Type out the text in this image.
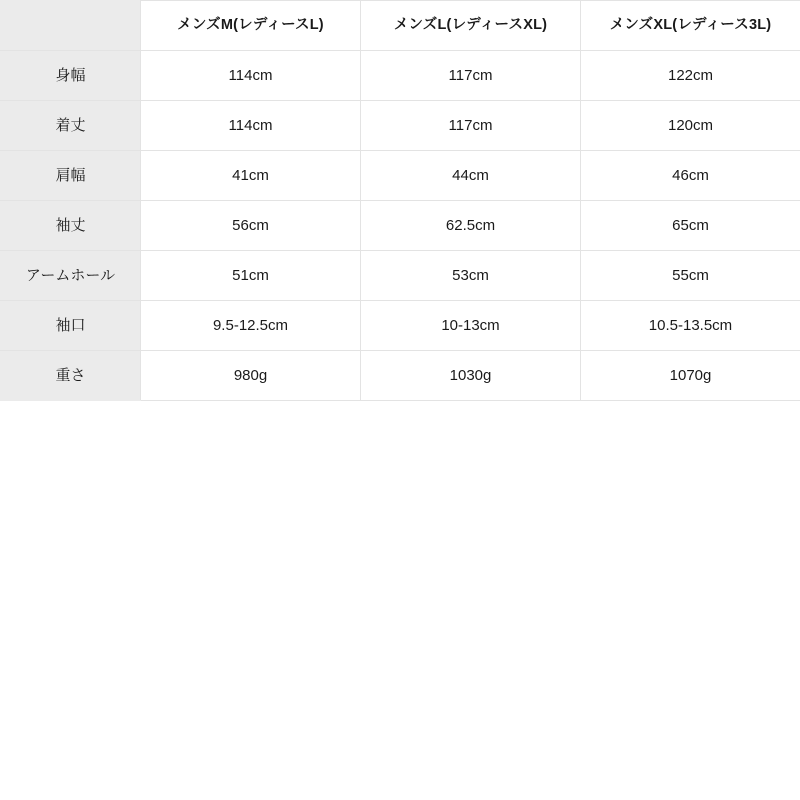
	メンズM(レディースL)	メンズL(レディースXL)	メンズXL(レディース3L)
身幅	114cm	117cm	122cm
着丈	114cm	117cm	120cm
肩幅	41cm	44cm	46cm
袖丈	56cm	62.5cm	65cm
アームホール	51cm	53cm	55cm
袖口	9.5-12.5cm	10-13cm	10.5-13.5cm
重さ	980g	1030g	1070g
